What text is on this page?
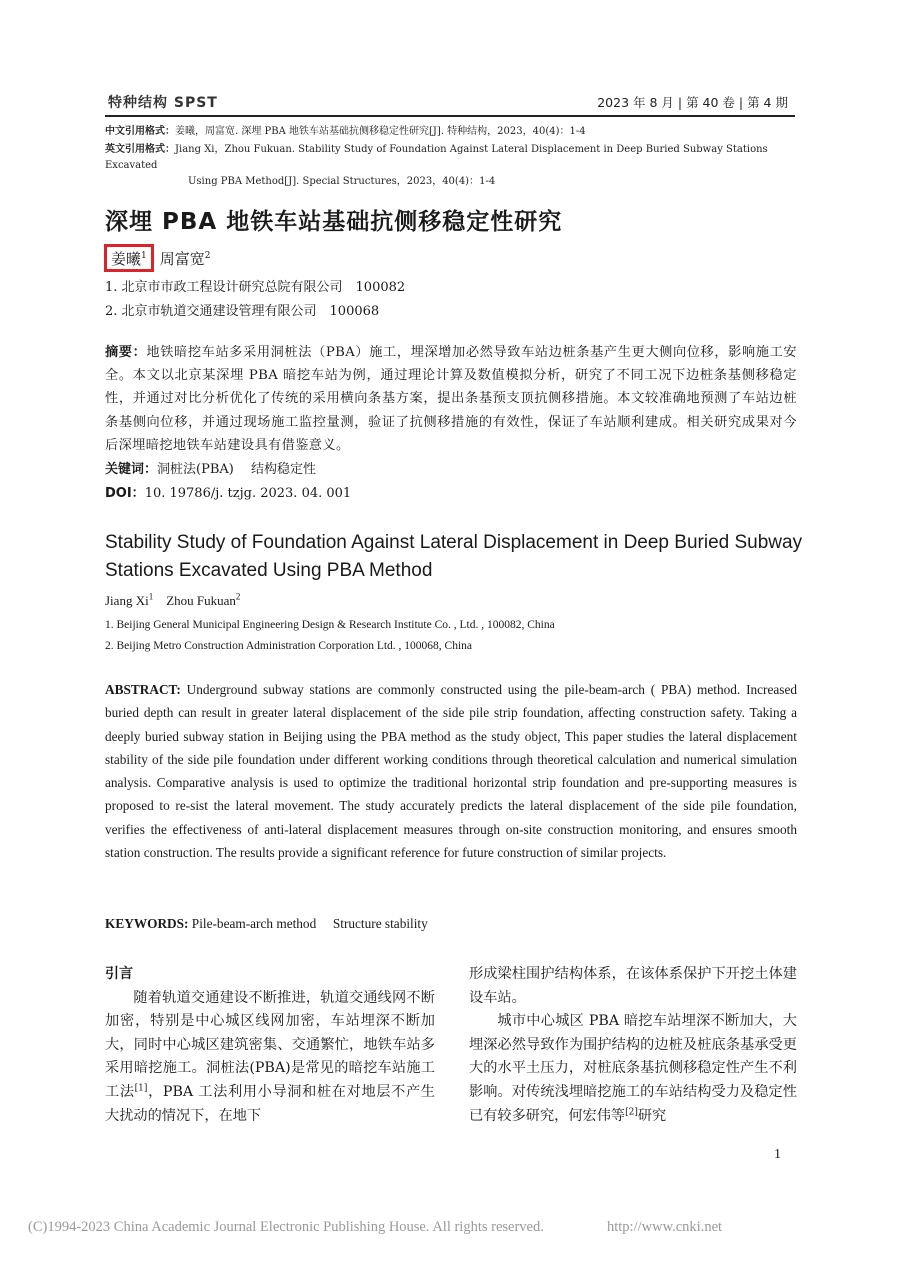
特种结构 SPST	2023 年 8 月 | 第 40 卷 | 第 4 期
中文引用格式：姜曦，周富宽. 深埋 PBA 地铁车站基础抗侧移稳定性研究[J]. 特种结构，2023，40(4)：1-4
英文引用格式：Jiang Xi，Zhou Fukuan. Stability Study of Foundation Against Lateral Displacement in Deep Buried Subway Stations Excavated
Using PBA Method[J]. Special Structures，2023，40(4)：1-4
深埋 PBA 地铁车站基础抗侧移稳定性研究
姜曦$^1$ 周富宽$^2$
1. 北京市市政工程设计研究总院有限公司　100082
2. 北京市轨道交通建设管理有限公司　100068
摘要：地铁暗挖车站多采用洞桩法（PBA）施工，埋深增加必然导致车站边桩条基产生更大侧向位移，影响施工安全。本文以北京某深埋 PBA 暗挖车站为例，通过理论计算及数值模拟分析，研究了不同工况下边桩条基侧移稳定性，并通过对比分析优化了传统的采用横向条基方案，提出条基预支顶抗侧移措施。本文较准确地预测了车站边桩条基侧向位移，并通过现场施工监控量测，验证了抗侧移措施的有效性，保证了车站顺利建成。相关研究成果对今后深埋暗挖地铁车站建设具有借鉴意义。
关键词：洞桩法(PBA)　 结构稳定性
DOI：10. 19786/j. tzjg. 2023. 04. 001
Stability Study of Foundation Against Lateral Displacement in Deep Buried Subway Stations Excavated Using PBA Method
Jiang Xi$^1$ Zhou Fukuan$^2$
1. Beijing General Municipal Engineering Design & Research Institute Co. , Ltd. , 100082, China
2. Beijing Metro Construction Administration Corporation Ltd. , 100068, China
ABSTRACT: Underground subway stations are commonly constructed using the pile-beam-arch ( PBA) method. Increased buried depth can result in greater lateral displacement of the side pile strip foundation, affecting construction safety. Taking a deeply buried subway station in Beijing using the PBA method as the study object, This paper studies the lateral displacement stability of the side pile foundation under different working conditions through theoretical calculation and numerical simulation analysis. Comparative analysis is used to optimize the traditional horizontal strip foundation and pre-supporting measures is proposed to re-sist the lateral movement. The study accurately predicts the lateral displacement of the side pile foundation, verifies the effectiveness of anti-lateral displacement measures through on-site construction monitoring, and ensures smooth station construction. The results provide a significant reference for future construction of similar projects.
KEYWORDS: Pile-beam-arch method　 Structure stability
引言

随着轨道交通建设不断推进，轨道交通线网不断加密，特别是中心城区线网加密，车站埋深不断加大，同时中心城区建筑密集、交通繁忙，地铁车站多采用暗挖施工。洞桩法(PBA)是常见的暗挖车站施工工法[1]，PBA 工法利用小导洞和桩在对地层不产生大扰动的情况下，在地下

形成梁柱围护结构体系，在该体系保护下开挖土体建设车站。

城市中心城区 PBA 暗挖车站埋深不断加大，大埋深必然导致作为围护结构的边桩及桩底条基承受更大的水平土压力，对桩底条基抗侧移稳定性产生不利影响。对传统浅埋暗挖施工的车站结构受力及稳定性已有较多研究，何宏伟等[2]研究

1
(C)1994-2023 China Academic Journal Electronic Publishing House. All rights reserved.	http://www.cnki.net
